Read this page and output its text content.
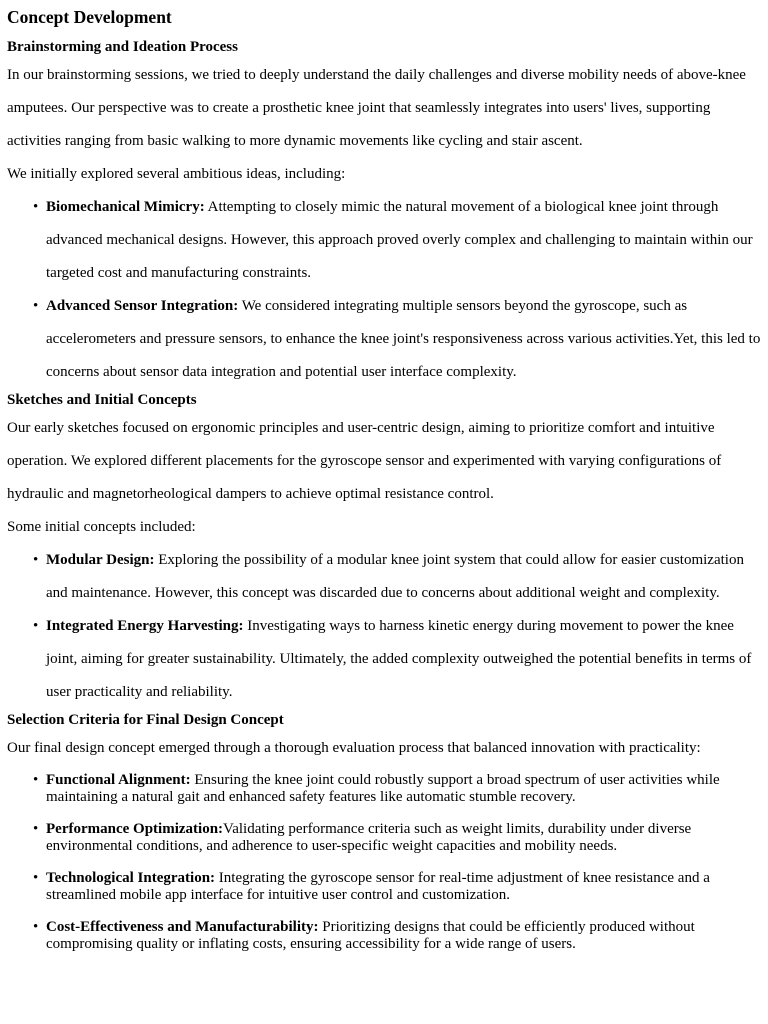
Concept Development
Brainstorming and Ideation Process

In our brainstorming sessions, we tried to deeply understand the daily challenges and diverse mobility needs of above-knee amputees. Our perspective was to create a prosthetic knee joint that seamlessly integrates into users' lives, supporting activities ranging from basic walking to more dynamic movements like cycling and stair ascent.

We initially explored several ambitious ideas, including:

• Biomechanical Mimicry: Attempting to closely mimic the natural movement of a biological knee joint through advanced mechanical designs. However, this approach proved overly complex and challenging to maintain within our targeted cost and manufacturing constraints.
• Advanced Sensor Integration: We considered integrating multiple sensors beyond the gyroscope, such as accelerometers and pressure sensors, to enhance the knee joint's responsiveness across various activities.Yet, this led to concerns about sensor data integration and potential user interface complexity.
Sketches and Initial Concepts

Our early sketches focused on ergonomic principles and user-centric design, aiming to prioritize comfort and intuitive operation. We explored different placements for the gyroscope sensor and experimented with varying configurations of hydraulic and magnetorheological dampers to achieve optimal resistance control.

Some initial concepts included:

• Modular Design: Exploring the possibility of a modular knee joint system that could allow for easier customization and maintenance. However, this concept was discarded due to concerns about additional weight and complexity.
• Integrated Energy Harvesting: Investigating ways to harness kinetic energy during movement to power the knee joint, aiming for greater sustainability. Ultimately, the added complexity outweighed the potential benefits in terms of user practicality and reliability.
Selection Criteria for Final Design Concept

Our final design concept emerged through a thorough evaluation process that balanced innovation with practicality:

• Functional Alignment: Ensuring the knee joint could robustly support a broad spectrum of user activities while maintaining a natural gait and enhanced safety features like automatic stumble recovery.
• Performance Optimization:Validating performance criteria such as weight limits, durability under diverse environmental conditions, and adherence to user-specific weight capacities and mobility needs.
• Technological Integration: Integrating the gyroscope sensor for real-time adjustment of knee resistance and a streamlined mobile app interface for intuitive user control and customization.
• Cost-Effectiveness and Manufacturability: Prioritizing designs that could be efficiently produced without compromising quality or inflating costs, ensuring accessibility for a wide range of users.
